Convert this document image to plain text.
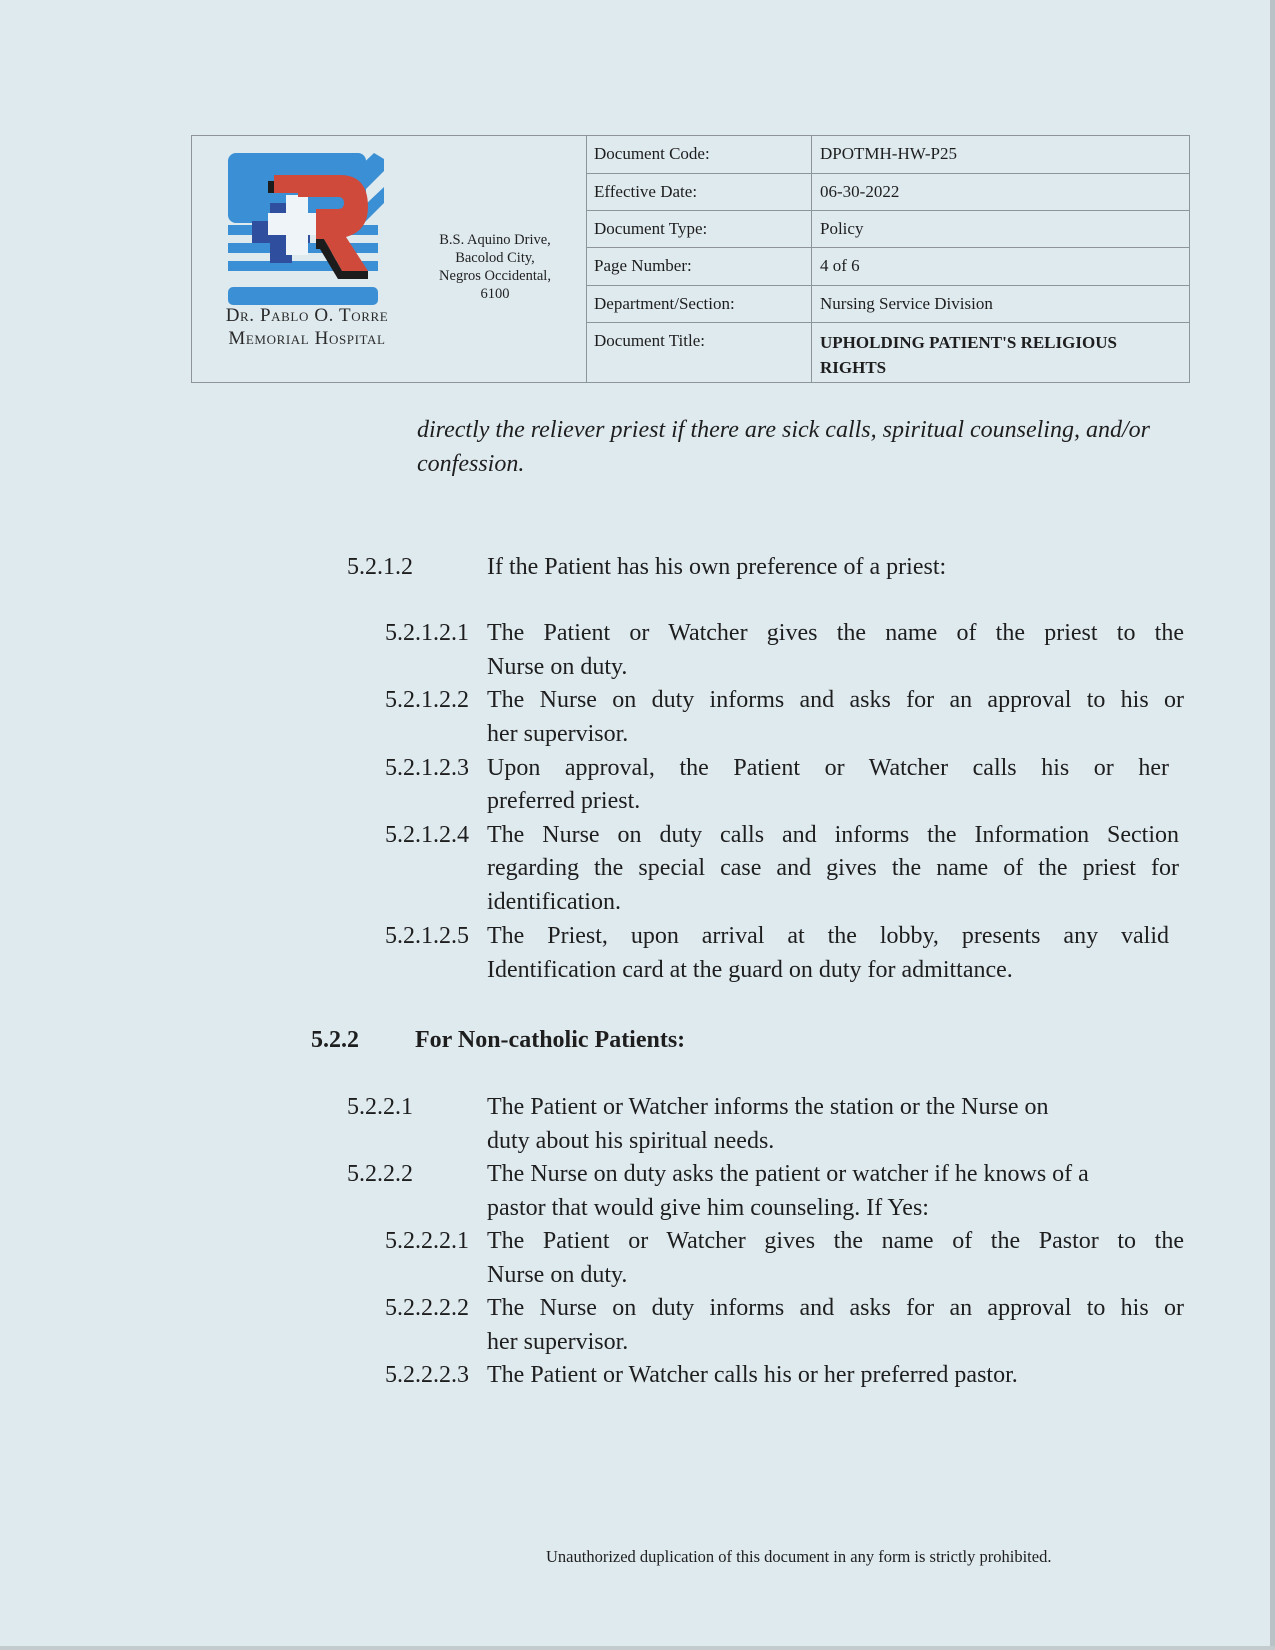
Dr. Pablo O. Torre
Memorial Hospital
B.S. Aquino Drive,
Bacolod City,
Negros Occidental,
6100
Document Code:	DPOTMH-HW-P25
Effective Date:	06-30-2022
Document Type:	Policy
Page Number:	4 of 6
Department/Section:	Nursing Service Division
Document Title:	UPHOLDING PATIENT'S RELIGIOUS
RIGHTS
directly the reliever priest if there are sick calls, spiritual counseling, and/or
confession.
5.2.1.2	If the Patient has his own preference of a priest:
5.2.1.2.1 The Patient or Watcher gives the name of the priest to the
Nurse on duty.
5.2.1.2.2 The Nurse on duty informs and asks for an approval to his or
her supervisor.
5.2.1.2.3 Upon approval, the Patient or Watcher calls his or her
preferred priest.
5.2.1.2.4 The Nurse on duty calls and informs the Information Section
regarding the special case and gives the name of the priest for
identification.
5.2.1.2.5 The Priest, upon arrival at the lobby, presents any valid
Identification card at the guard on duty for admittance.
5.2.2 For Non-catholic Patients:
5.2.2.1	The Patient or Watcher informs the station or the Nurse on
duty about his spiritual needs.
5.2.2.2	The Nurse on duty asks the patient or watcher if he knows of a
pastor that would give him counseling. If Yes:
5.2.2.2.1 The Patient or Watcher gives the name of the Pastor to the
Nurse on duty.
5.2.2.2.2 The Nurse on duty informs and asks for an approval to his or
her supervisor.
5.2.2.2.3 The Patient or Watcher calls his or her preferred pastor.
Unauthorized duplication of this document in any form is strictly prohibited.
